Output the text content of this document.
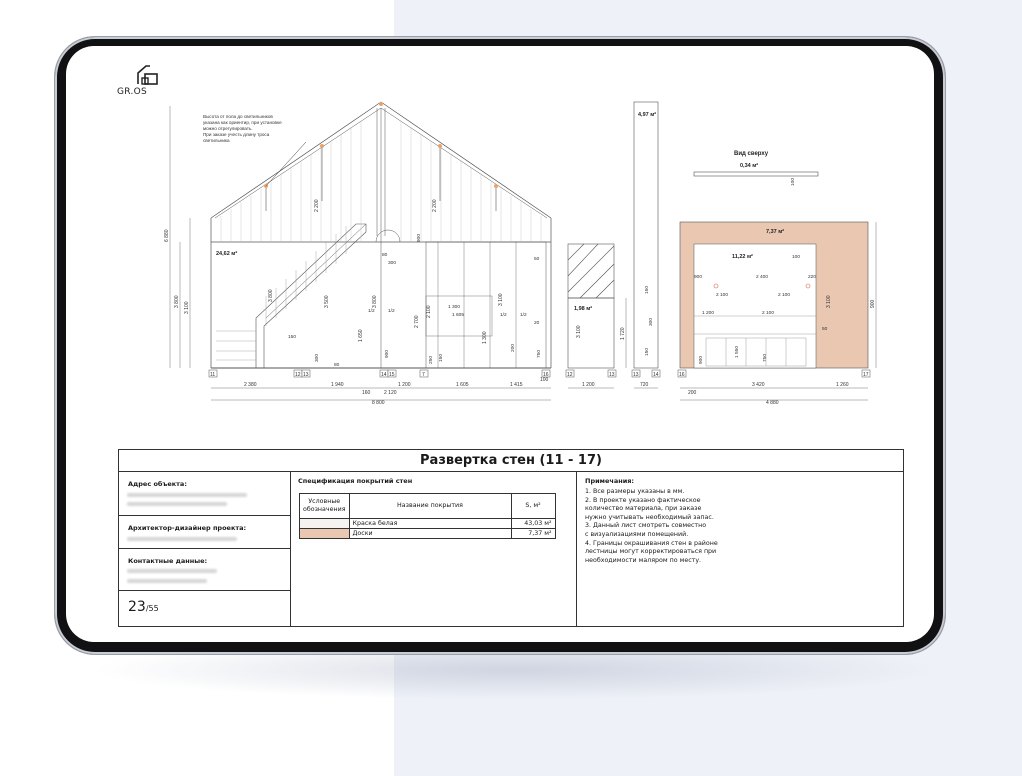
GR.OS
Высота от пола до светильников
указана как ориентир, при установке
можно отрегулировать.
При заказе учесть длину троса
светильника
24,62 м²
6 880
3 800 3 100
2 200	2 200
3 800	3 500	3 800
2 700
1 650
2 100
1 300
3 100
80
300
1/2	1/2
1/2	1/2
1 300
1 605
50
20
150
300
80
900
250 150
900
200
750
11	12 13	14 15	7	16
2 380	1 940	1 200	1 605	1 415
160	2 120
8 800
100
1,98 м²
1 720
3 100
12	13
1 200
4,97 м²
150
300
150
13	14
720
Вид сверху
0,34 м²
100
7,37 м²
11,22 м²	100
220
900	2 400
2 100	2 100
1 200	2 100
1 550	750
900
50
900
3 100
16	17
3 420	1 260
200
4 880
Развертка стен (11 - 17)
Адрес объекта:
Архитектор-дизайнер проекта:
Контактные данные:
23/55
Спецификация покрытий стен
Условные обозначения	Название покрытия	S, м²
	Краска белая	43,03 м²
	Доски	7,37 м²
Примечания:
1. Все размеры указаны в мм.
2. В проекте указано фактическое
количество материала, при заказе
нужно учитывать необходимый запас.
3. Данный лист смотреть совместно
с визуализациями помещений.
4. Границы окрашивания стен в районе
лестницы могут корректироваться при
необходимости маляром по месту.
